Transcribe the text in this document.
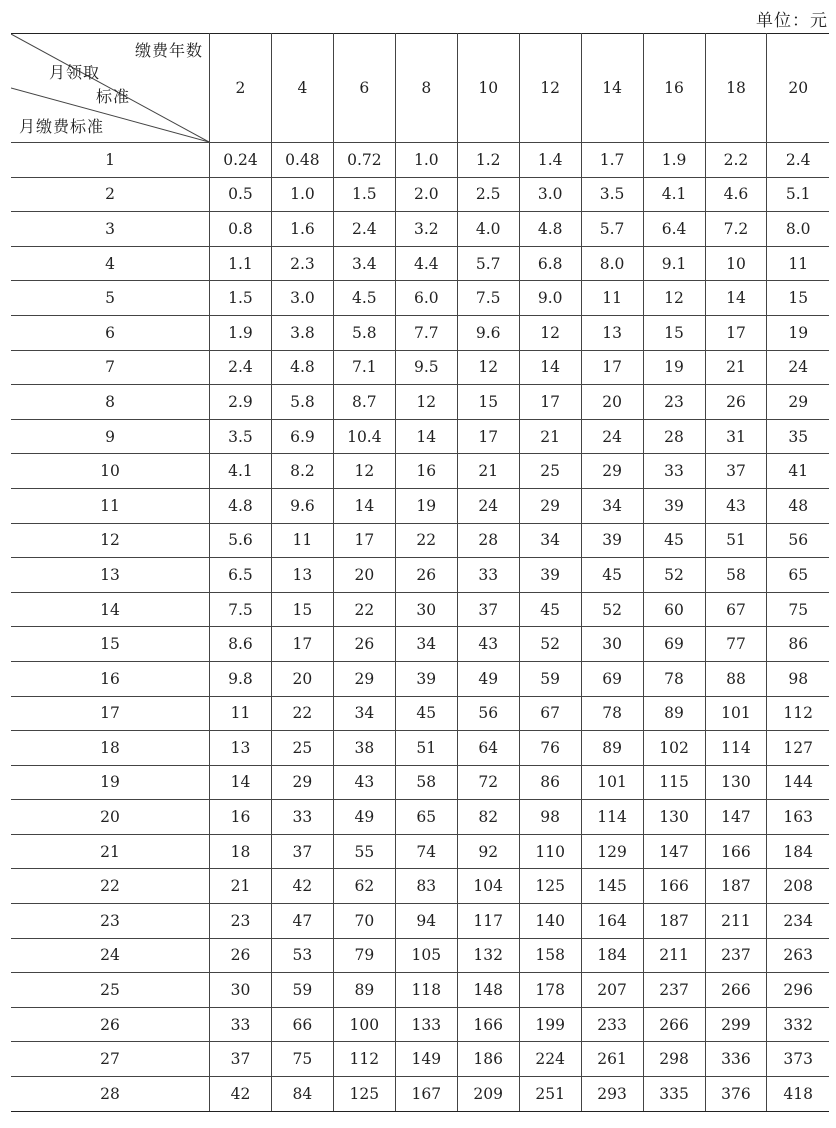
单位：元
缴费年数
月领取
标准
月缴费标准	2	4	6	8	10	12	14	16	18	20
1	0.24	0.48	0.72	1.0	1.2	1.4	1.7	1.9	2.2	2.4
2	0.5	1.0	1.5	2.0	2.5	3.0	3.5	4.1	4.6	5.1
3	0.8	1.6	2.4	3.2	4.0	4.8	5.7	6.4	7.2	8.0
4	1.1	2.3	3.4	4.4	5.7	6.8	8.0	9.1	10	11
5	1.5	3.0	4.5	6.0	7.5	9.0	11	12	14	15
6	1.9	3.8	5.8	7.7	9.6	12	13	15	17	19
7	2.4	4.8	7.1	9.5	12	14	17	19	21	24
8	2.9	5.8	8.7	12	15	17	20	23	26	29
9	3.5	6.9	10.4	14	17	21	24	28	31	35
10	4.1	8.2	12	16	21	25	29	33	37	41
11	4.8	9.6	14	19	24	29	34	39	43	48
12	5.6	11	17	22	28	34	39	45	51	56
13	6.5	13	20	26	33	39	45	52	58	65
14	7.5	15	22	30	37	45	52	60	67	75
15	8.6	17	26	34	43	52	30	69	77	86
16	9.8	20	29	39	49	59	69	78	88	98
17	11	22	34	45	56	67	78	89	101	112
18	13	25	38	51	64	76	89	102	114	127
19	14	29	43	58	72	86	101	115	130	144
20	16	33	49	65	82	98	114	130	147	163
21	18	37	55	74	92	110	129	147	166	184
22	21	42	62	83	104	125	145	166	187	208
23	23	47	70	94	117	140	164	187	211	234
24	26	53	79	105	132	158	184	211	237	263
25	30	59	89	118	148	178	207	237	266	296
26	33	66	100	133	166	199	233	266	299	332
27	37	75	112	149	186	224	261	298	336	373
28	42	84	125	167	209	251	293	335	376	418
